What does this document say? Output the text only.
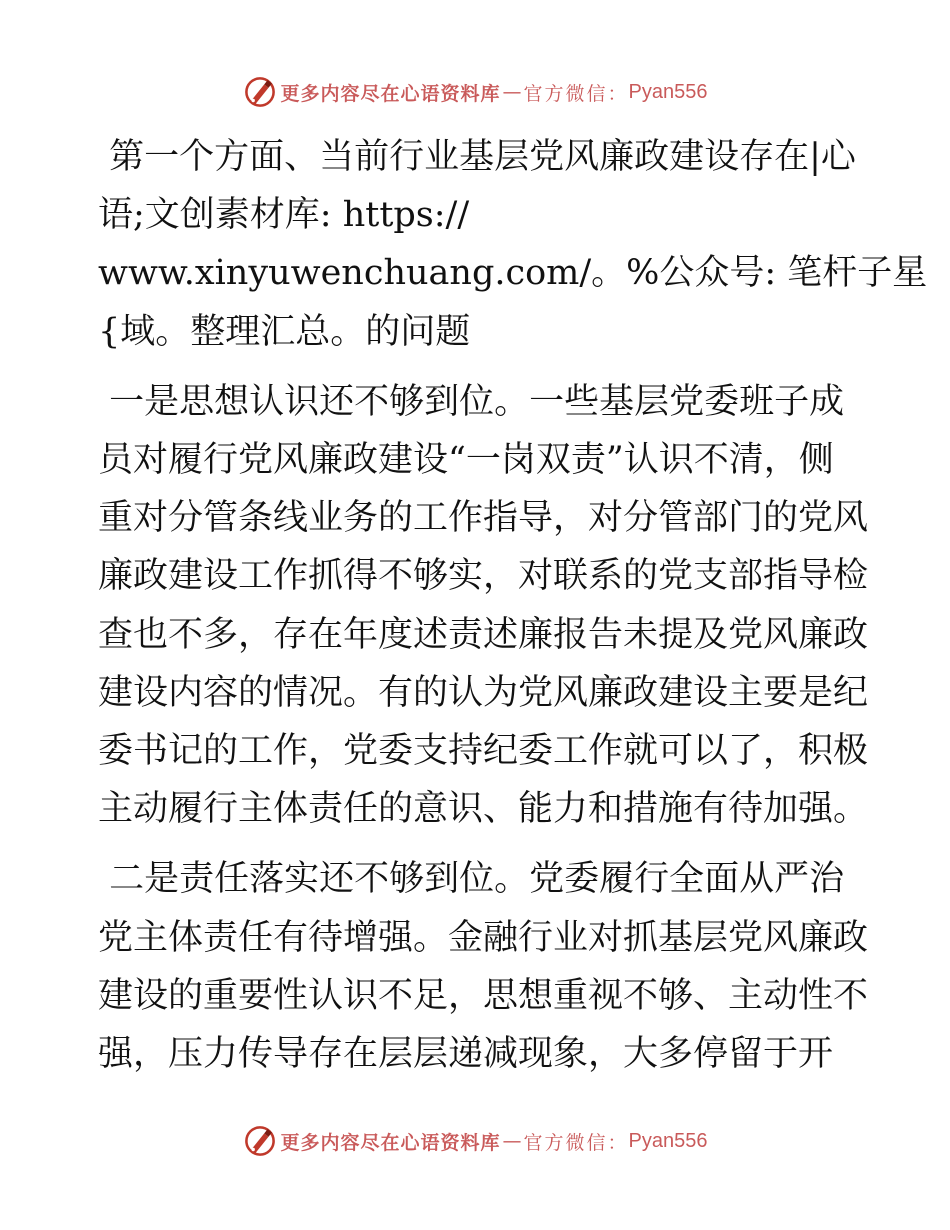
更多内容尽在心语资料库 — 官方微信： Pyan556

第一个方面、当前行业基层党风廉政建设存在|心
语;文创素材库: https://
www.xinyuwenchuang.com/。%公众号: 笔杆子星
{域。整理汇总。的问题

一是思想认识还不够到位。一些基层党委班子成
员对履行党风廉政建设“一岗双责”认识不清，侧
重对分管条线业务的工作指导，对分管部门的党风
廉政建设工作抓得不够实，对联系的党支部指导检
查也不多，存在年度述责述廉报告未提及党风廉政
建设内容的情况。有的认为党风廉政建设主要是纪
委书记的工作，党委支持纪委工作就可以了，积极
主动履行主体责任的意识、能力和措施有待加强。

二是责任落实还不够到位。党委履行全面从严治
党主体责任有待增强。金融行业对抓基层党风廉政
建设的重要性认识不足，思想重视不够、主动性不
强，压力传导存在层层递减现象，大多停留于开

更多内容尽在心语资料库 — 官方微信： Pyan556
